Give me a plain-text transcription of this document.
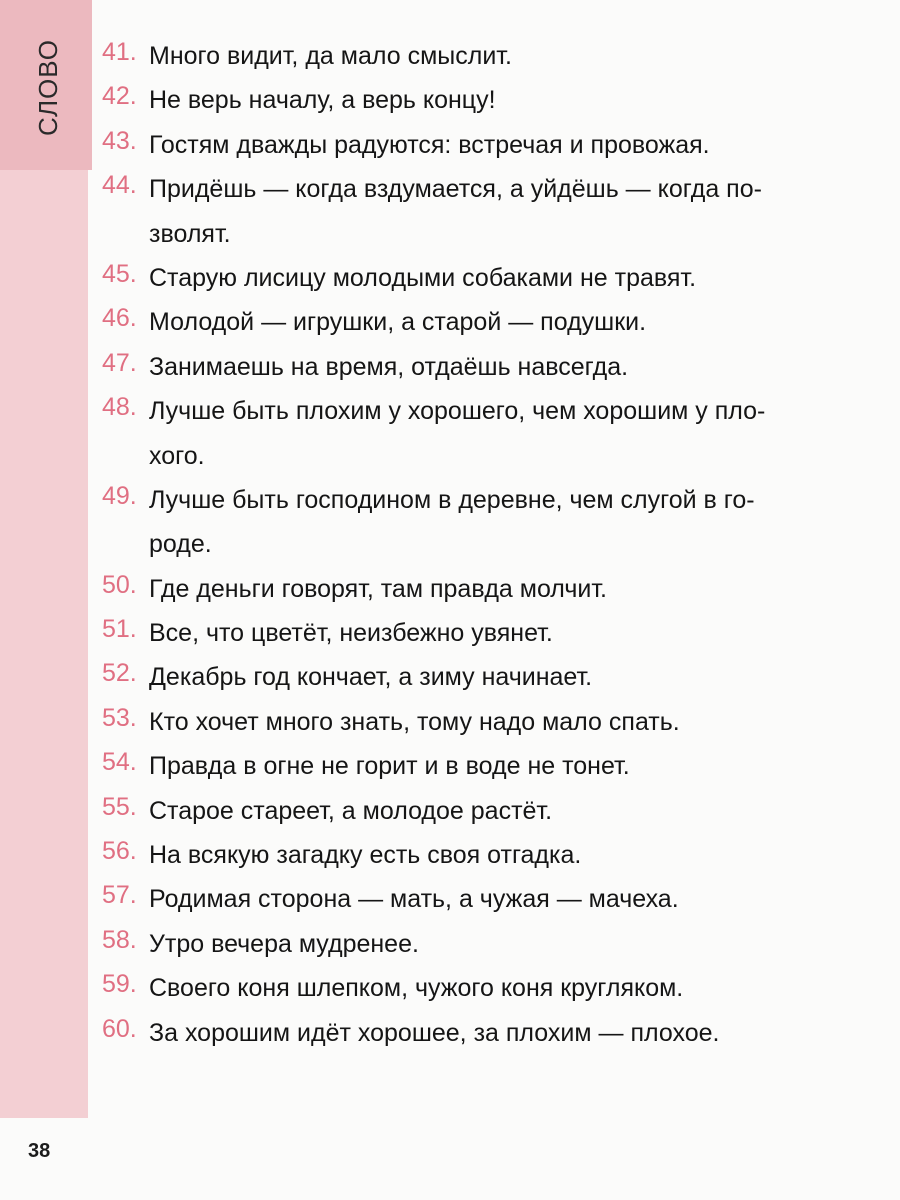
СЛОВО 41. Много видит, да мало смыслит.
42. Не верь началу, а верь концу!
43. Гостям дважды радуются: встречая и провожая.
44. Придёшь — когда вздумается, а уйдёшь — когда по-
зволят.
45. Старую лисицу молодыми собаками не травят.
46. Молодой — игрушки, а старой — подушки.
47. Занимаешь на время, отдаёшь навсегда.
48. Лучше быть плохим у хорошего, чем хорошим у пло-
хого.
49. Лучше быть господином в деревне, чем слугой в го-
роде.
50. Где деньги говорят, там правда молчит.
51. Все, что цветёт, неизбежно увянет.
52. Декабрь год кончает, а зиму начинает.
53. Кто хочет много знать, тому надо мало спать.
54. Правда в огне не горит и в воде не тонет.
55. Старое стареет, а молодое растёт.
56. На всякую загадку есть своя отгадка.
57. Родимая сторона — мать, а чужая — мачеха.
58. Утро вечера мудренее.
59. Своего коня шлепком, чужого коня кругляком.
60. За хорошим идёт хорошее, за плохим — плохое.
38
